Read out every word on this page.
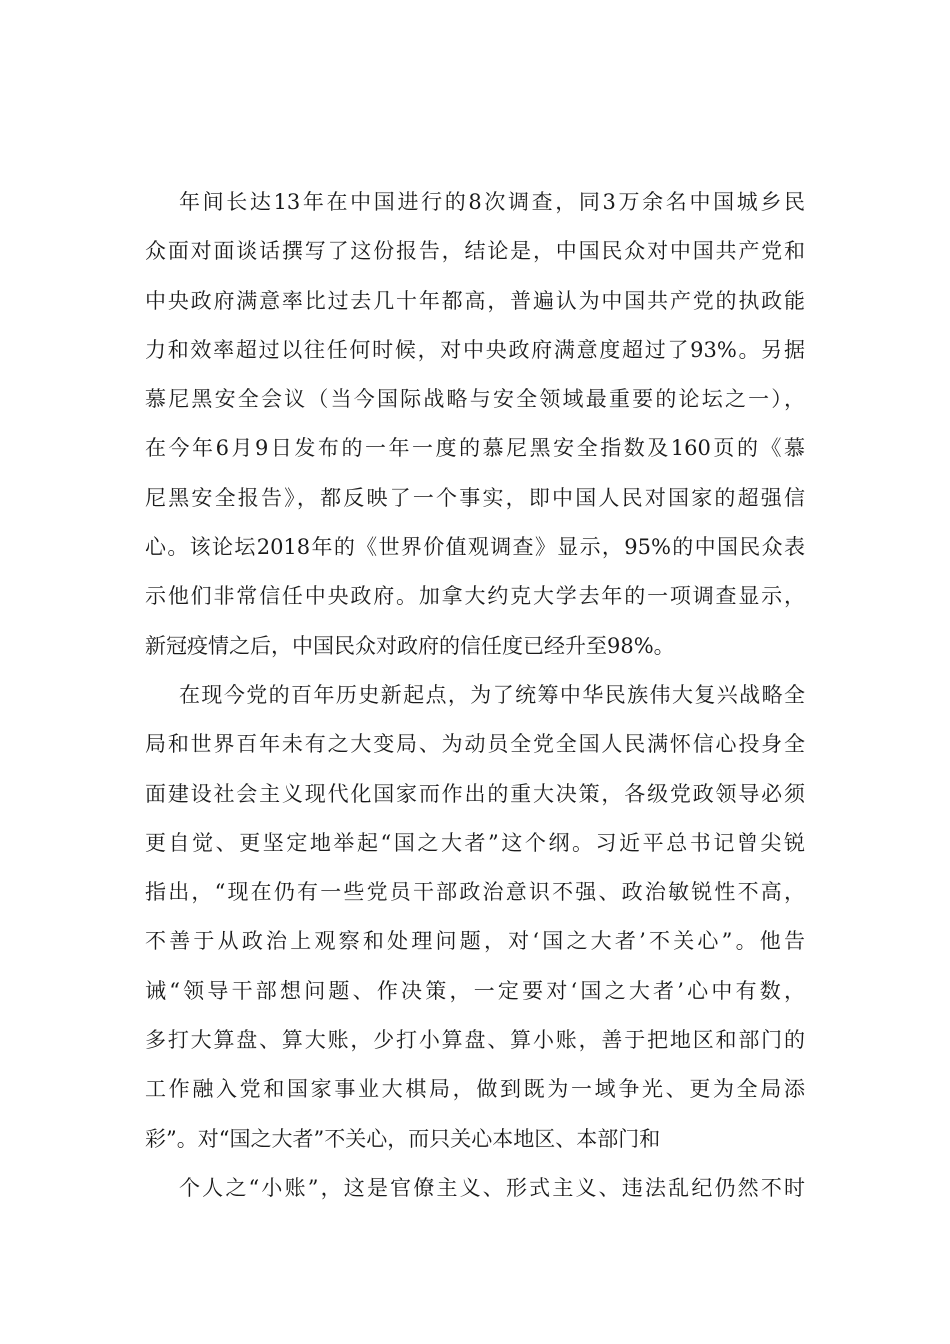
年间长达13年在中国进行的8次调查，同3万余名中国城乡民
众面对面谈话撰写了这份报告，结论是，中国民众对中国共产党和
中央政府满意率比过去几十年都高，普遍认为中国共产党的执政能
力和效率超过以往任何时候，对中央政府满意度超过了93%。另据
慕尼黑安全会议（当今国际战略与安全领域最重要的论坛之一），
在今年6月9日发布的一年一度的慕尼黑安全指数及160页的《慕
尼黑安全报告》，都反映了一个事实，即中国人民对国家的超强信
心。该论坛2018年的《世界价值观调查》显示，95%的中国民众表
示他们非常信任中央政府。加拿大约克大学去年的一项调查显示，
新冠疫情之后，中国民众对政府的信任度已经升至98%。
在现今党的百年历史新起点，为了统筹中华民族伟大复兴战略全
局和世界百年未有之大变局、为动员全党全国人民满怀信心投身全
面建设社会主义现代化国家而作出的重大决策，各级党政领导必须
更自觉、更坚定地举起“国之大者”这个纲。习近平总书记曾尖锐
指出，“现在仍有一些党员干部政治意识不强、政治敏锐性不高，
不善于从政治上观察和处理问题，对‘国之大者’不关心”。他告
诫“领导干部想问题、作决策，一定要对‘国之大者’心中有数，
多打大算盘、算大账，少打小算盘、算小账，善于把地区和部门的
工作融入党和国家事业大棋局，做到既为一域争光、更为全局添
彩”。对“国之大者”不关心，而只关心本地区、本部门和
个人之“小账”，这是官僚主义、形式主义、违法乱纪仍然不时
